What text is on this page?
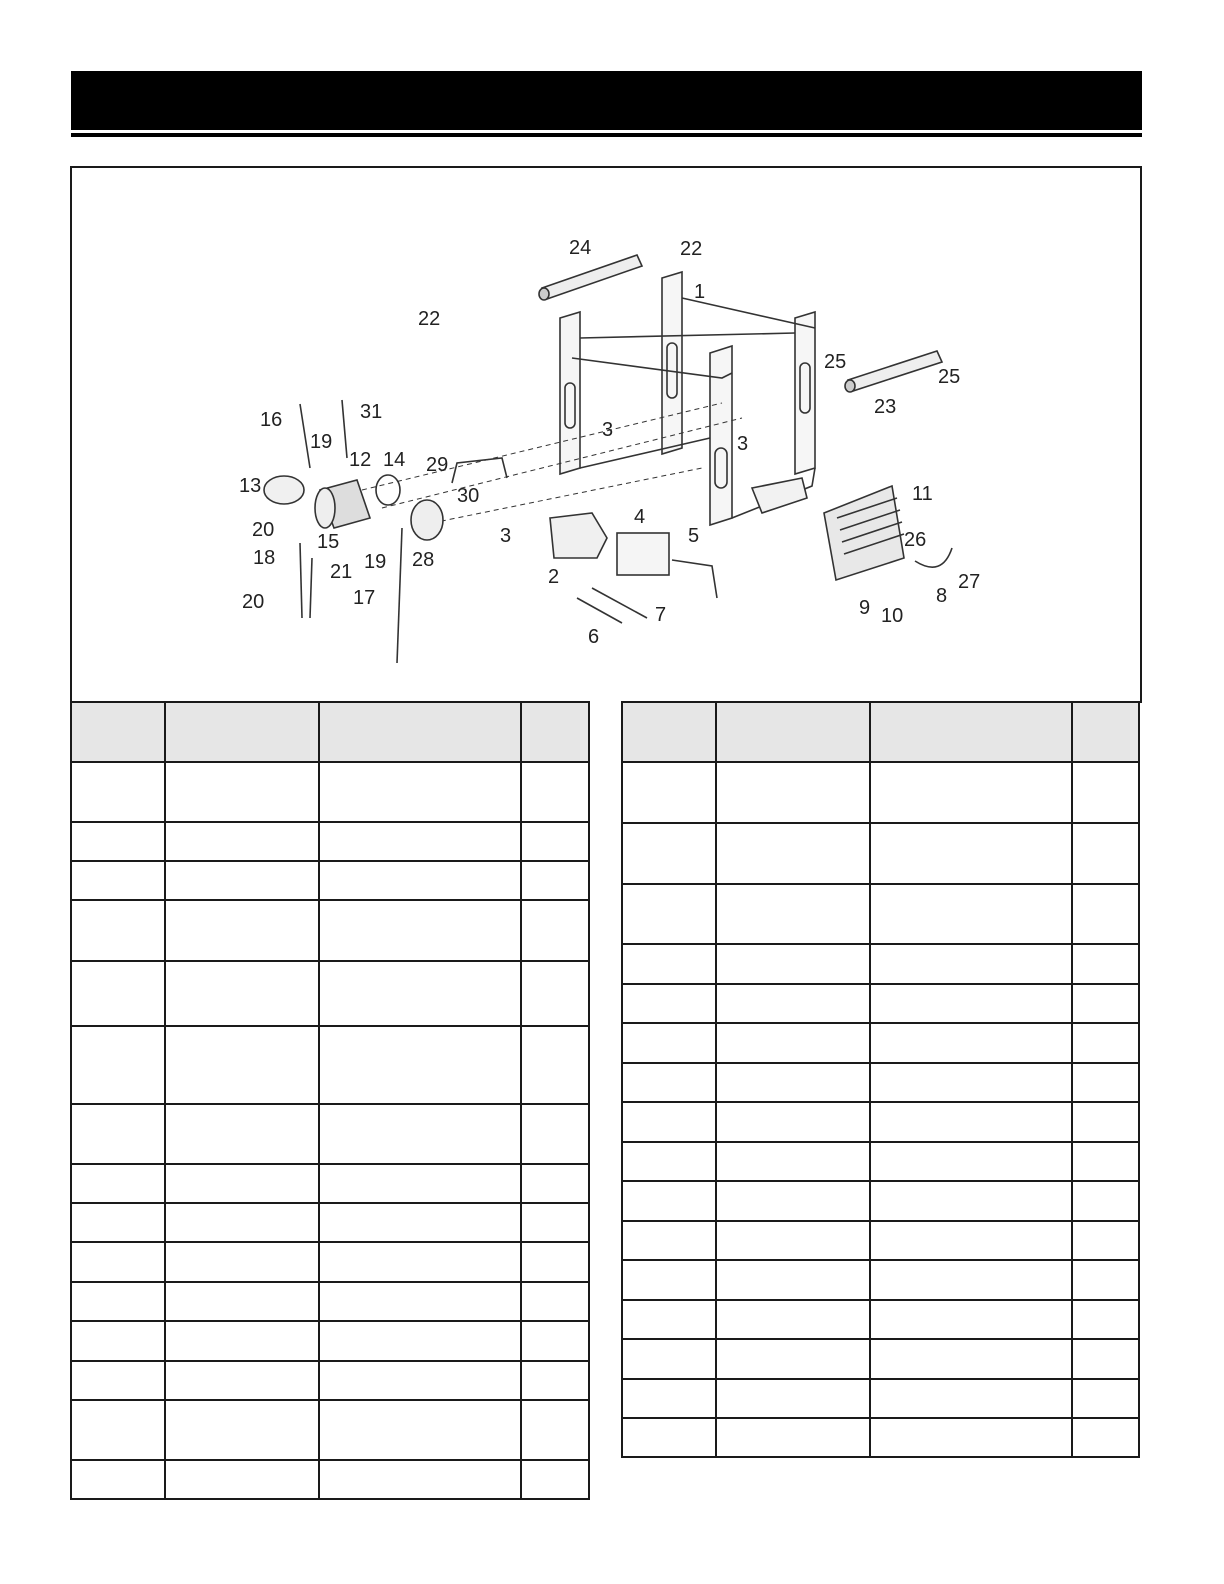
1
2
3
3
3
4
5
6
7
8
9 10
11
12
13
14
15
16
17
18
19
19
20
20
21
22
22
23
24
25
25
26
27
28
29
30
31
